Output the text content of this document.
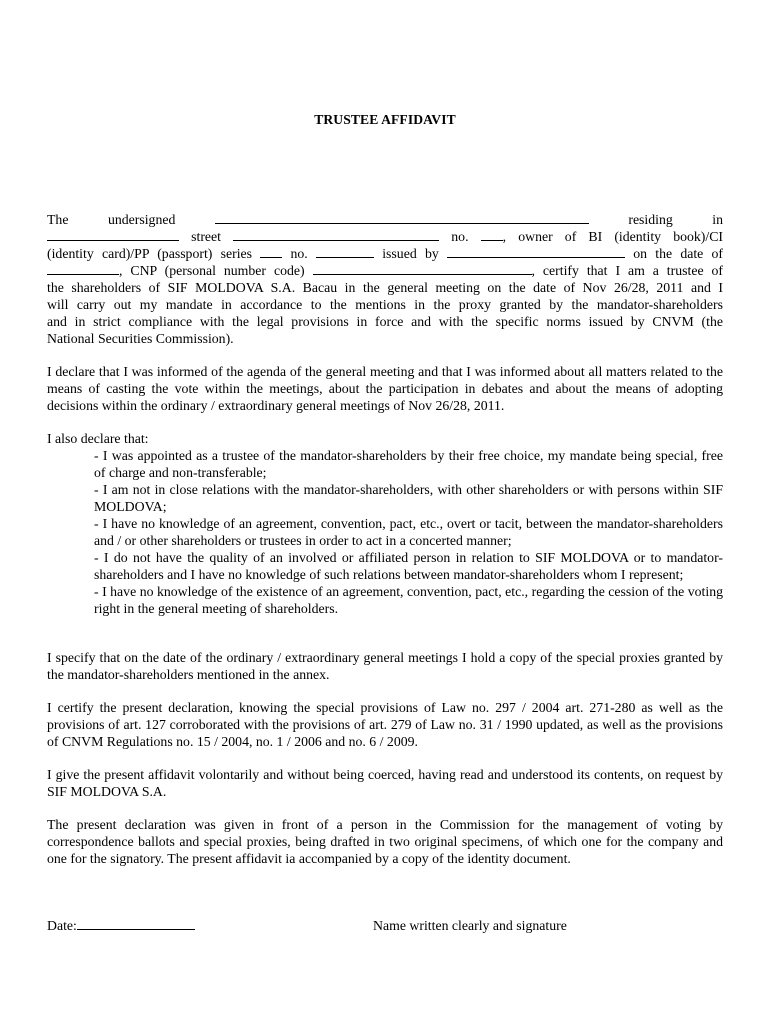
TRUSTEE AFFIDAVIT
The	undersigned	residing	in
street	no. , owner of BI (identity book)/CI
(identity card)/PP (passport) series	no.	issued by	on the date of
, CNP (personal number code)	, certify that I am a trustee of
the shareholders of SIF MOLDOVA S.A. Bacau in the general meeting on the date of Nov 26/28, 2011 and I
will carry out my mandate in accordance to the mentions in the proxy granted by the mandator-shareholders
and in strict compliance with the legal provisions in force and with the specific norms issued by CNVM (the
National Securities Commission).

I declare that I was informed of the agenda of the general meeting and that I was informed about all matters related to the means of casting the vote within the meetings, about the participation in debates and about the means of adopting decisions within the ordinary / extraordinary general meetings of Nov 26/28, 2011.

I also declare that:

- I was appointed as a trustee of the mandator-shareholders by their free choice, my mandate being special, free of charge and non-transferable;
- I am not in close relations with the mandator-shareholders, with other shareholders or with persons within SIF MOLDOVA;
- I have no knowledge of an agreement, convention, pact, etc., overt or tacit, between the mandator-shareholders and / or other shareholders or trustees in order to act in a concerted manner;
- I do not have the quality of an involved or affiliated person in relation to SIF MOLDOVA or to mandator-shareholders and I have no knowledge of such relations between mandator-shareholders whom I represent;
- I have no knowledge of the existence of an agreement, convention, pact, etc., regarding the cession of the voting right in the general meeting of shareholders.

I specify that on the date of the ordinary / extraordinary general meetings I hold a copy of the special proxies granted by the mandator-shareholders mentioned in the annex.

I certify the present declaration, knowing the special provisions of Law no. 297 / 2004 art. 271-280 as well as the provisions of art. 127 corroborated with the provisions of art. 279 of Law no. 31 / 1990 updated, as well as the provisions of CNVM Regulations no. 15 / 2004, no. 1 / 2006 and no. 6 / 2009.

I give the present affidavit volontarily and without being coerced, having read and understood its contents, on request by SIF MOLDOVA S.A.

The present declaration was given in front of a person in the Commission for the management of voting by correspondence ballots and special proxies, being drafted in two original specimens, of which one for the company and one for the signatory. The present affidavit ia accompanied by a copy of the identity document.

Date:	Name written clearly and signature
